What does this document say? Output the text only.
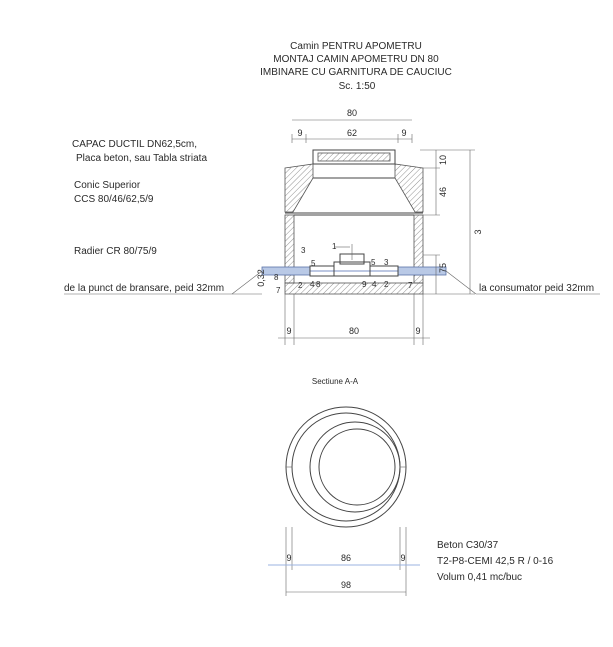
Camin PENTRU APOMETRU
MONTAJ CAMIN APOMETRU DN 80
IMBINARE CU GARNITURA DE CAUCIUC
Sc. 1:50
80
9	62	9
1
3
5	5 3
8
7
2 4 8	9 4 2 7
10
46
75
3
0,32
9	80	9
CAPAC DUCTIL DN62,5cm,
Placa beton, sau Tabla striata
Conic Superior
CCS 80/46/62,5/9
Radier CR 80/75/9
de la punct de bransare, peid 32mm	la consumator peid 32mm
Sectiune A-A
9	86	9
98
Beton C30/37
T2-P8-CEMI 42,5 R / 0-16
Volum 0,41 mc/buc
